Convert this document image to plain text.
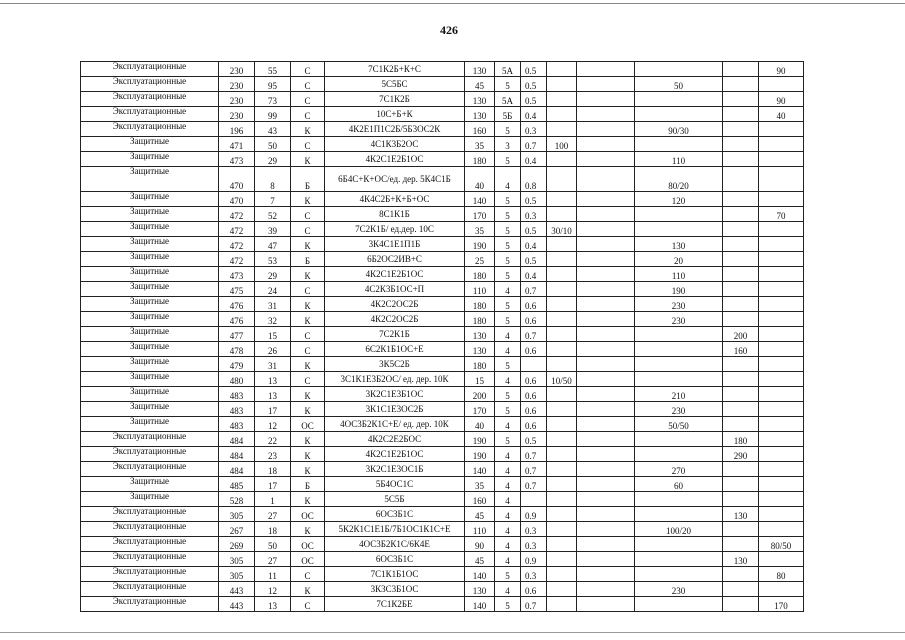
426
Эксплуатационные	230	55	С	7С1К2Б+К+С	130	5А	0.5					90
Эксплуатационные	230	95	С	5С5БС	45	5	0.5			50		
Эксплуатационные	230	73	С	7С1К2Б	130	5А	0.5					90
Эксплуатационные	230	99	С	10С+Б+К	130	5Б	0.4					40
Эксплуатационные	196	43	К	4К2Е1П1С2Б/5Б3ОС2К	160	5	0.3			90/30		
Защитные	471	50	С	4С1К3Б2ОС	35	3	0.7	100				
Защитные	473	29	К	4К2С1Е2Б1ОС	180	5	0.4			110		
Защитные	470	8	Б	6Б4С+К+ОС/ед. дер. 5К4С1Б	40	4	0.8			80/20		
Защитные	470	7	К	4К4С2Б+К+Б+ОС	140	5	0.5			120		
Защитные	472	52	С	8С1К1Б	170	5	0.3					70
Защитные	472	39	С	7С2К1Б/ ед.дер. 10С	35	5	0.5	30/10				
Защитные	472	47	К	3К4С1Е1П1Б	190	5	0.4			130		
Защитные	472	53	Б	6Б2ОС2ИВ+С	25	5	0.5			20		
Защитные	473	29	К	4К2С1Е2Б1ОС	180	5	0.4			110		
Защитные	475	24	С	4С2К3Б1ОС+П	110	4	0.7			190		
Защитные	476	31	К	4К2С2ОС2Б	180	5	0.6			230		
Защитные	476	32	К	4К2С2ОС2Б	180	5	0.6			230		
Защитные	477	15	С	7С2К1Б	130	4	0.7				200	
Защитные	478	26	С	6С2К1Б1ОС+Е	130	4	0.6				160	
Защитные	479	31	К	3К5С2Б	180	5						
Защитные	480	13	С	3С1К1Е3Б2ОС/ ед. дер. 10К	15	4	0.6	10/50				
Защитные	483	13	К	3К2С1Е3Б1ОС	200	5	0.6			210		
Защитные	483	17	К	3К1С1Е3ОС2Б	170	5	0.6			230		
Защитные	483	12	ОС	4ОС3Б2К1С+Е/ ед. дер. 10К	40	4	0.6			50/50		
Эксплуатационные	484	22	К	4К2С2Е2БОС	190	5	0.5				180	
Эксплуатационные	484	23	К	4К2С1Е2Б1ОС	190	4	0.7				290	
Эксплуатационные	484	18	К	3К2С1Е3ОС1Б	140	4	0.7			270		
Защитные	485	17	Б	5Б4ОС1С	35	4	0.7			60		
Защитные	528	1	К	5С5Б	160	4						
Эксплуатационные	305	27	ОС	6ОС3Б1С	45	4	0.9				130	
Эксплуатационные	267	18	К	5К2К1С1Е1Б/7Б1ОС1К1С+Е	110	4	0.3			100/20		
Эксплуатационные	269	50	ОС	4ОС3Б2К1С/6К4Е	90	4	0.3					80/50
Эксплуатационные	305	27	ОС	6ОС3Б1С	45	4	0.9				130	
Эксплуатационные	305	11	С	7С1К1Б1ОС	140	5	0.3					80
Эксплуатационные	443	12	К	3К3С3Б1ОС	130	4	0.6			230		
Эксплуатационные	443	13	С	7С1К2БЕ	140	5	0.7					170
